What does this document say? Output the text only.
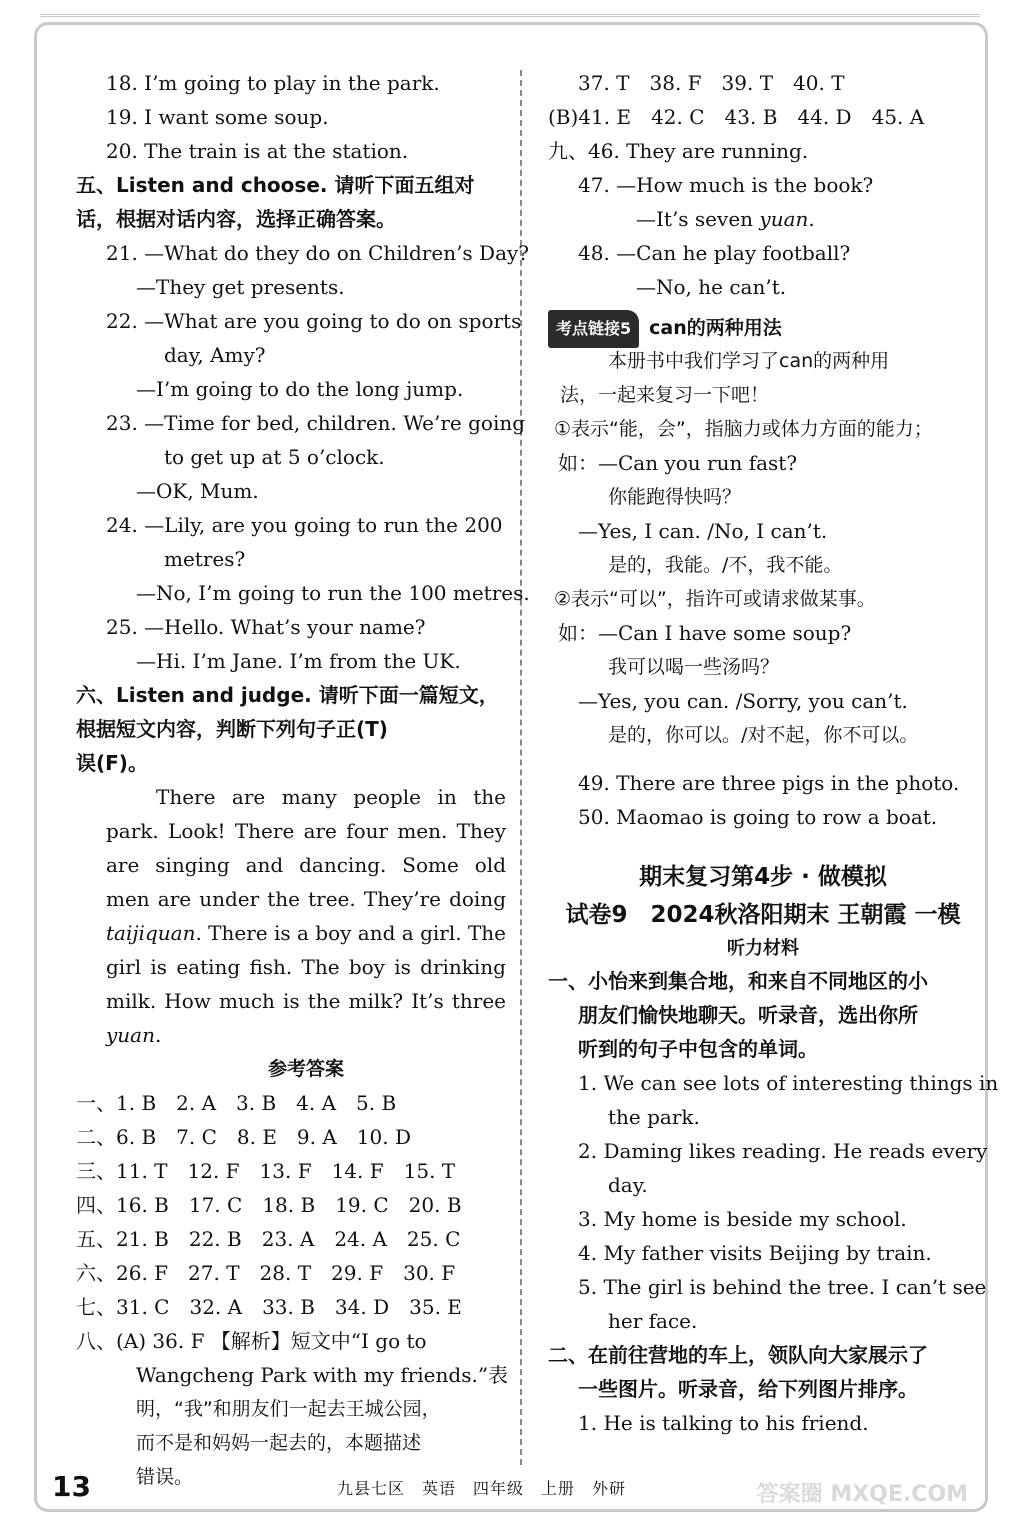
18. I’m going to play in the park.
19. I want some soup.
20. The train is at the station.
五、Listen and choose. 请听下面五组对
话，根据对话内容，选择正确答案。
21. —What do they do on Children’s Day?
—They get presents.
22. —What are you going to do on sports
day, Amy?
—I’m going to do the long jump.
23. —Time for bed, children. We’re going
to get up at 5 o’clock.
—OK, Mum.
24. —Lily, are you going to run the 200
metres?
—No, I’m going to run the 100 metres.
25. —Hello. What’s your name?
—Hi. I’m Jane. I’m from the UK.
六、Listen and judge. 请听下面一篇短文，
根据短文内容，判断下列句子正(T)
误(F)。
There are many people in the park. Look! There are four men. They are singing and dancing. Some old men are under the tree. They’re doing taijiquan. There is a boy and a girl. The girl is eating fish. The boy is drinking milk. How much is the milk? It’s three yuan.
参考答案
一、1. B　2. A　3. B　4. A　5. B
二、6. B　7. C　8. E　9. A　10. D
三、11. T　12. F　13. F　14. F　15. T
四、16. B　17. C　18. B　19. C　20. B
五、21. B　22. B　23. A　24. A　25. C
六、26. F　27. T　28. T　29. F　30. F
七、31. C　32. A　33. B　34. D　35. E
八、(A) 36. F 【解析】短文中“I go to
Wangcheng Park with my friends.”表
明，“我”和朋友们一起去王城公园，
而不是和妈妈一起去的，本题描述
错误。
37. T　38. F　39. T　40. T
(B)41. E　42. C　43. B　44. D　45. A
九、46. They are running.
47. —How much is the book?
—It’s seven yuan.
48. —Can he play football?
—No, he can’t.
考点链接5 can的两种用法
本册书中我们学习了can的两种用
法，一起来复习一下吧！
①表示“能，会”，指脑力或体力方面的能力；
如：—Can you run fast?
你能跑得快吗？
—Yes, I can. /No, I can’t.
是的，我能。/不，我不能。
②表示“可以”，指许可或请求做某事。
如：—Can I have some soup?
我可以喝一些汤吗？
—Yes, you can. /Sorry, you can’t.
是的，你可以。/对不起，你不可以。
49. There are three pigs in the photo.
50. Maomao is going to row a boat.
期末复习第4步 · 做模拟
试卷9　2024秋洛阳期末 王朝霞 一模
听力材料
一、小怡来到集合地，和来自不同地区的小
朋友们愉快地聊天。听录音，选出你所
听到的句子中包含的单词。
1. We can see lots of interesting things in
the park.
2. Daming likes reading. He reads every
day.
3. My home is beside my school.
4. My father visits Beijing by train.
5. The girl is behind the tree. I can’t see
her face.
二、在前往营地的车上，领队向大家展示了
一些图片。听录音，给下列图片排序。
1. He is talking to his friend.
13	九县七区　英语　四年级　上册　外研	答案圈 MXQE.COM
